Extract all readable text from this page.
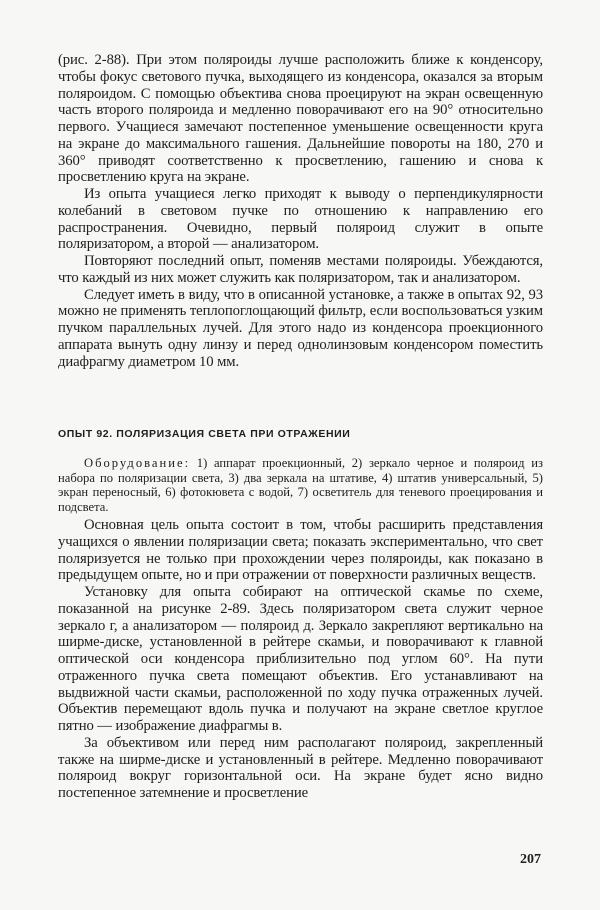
(рис. 2-88). При этом поляроиды лучше расположить ближе к конденсору, чтобы фокус светового пучка, выходящего из конденсора, оказался за вторым поляроидом. С помощью объектива снова проецируют на экран освещенную часть второго поляроида и медленно поворачивают его на 90° относительно первого. Учащиеся замечают постепенное уменьшение освещенности круга на экране до максимального гашения. Дальнейшие повороты на 180, 270 и 360° приводят соответственно к просветлению, гашению и снова к просветлению круга на экране.

Из опыта учащиеся легко приходят к выводу о перпендикулярности колебаний в световом пучке по отношению к направлению его распространения. Очевидно, первый поляроид служит в опыте поляризатором, а второй — анализатором.

Повторяют последний опыт, поменяв местами поляроиды. Убеждаются, что каждый из них может служить как поляризатором, так и анализатором.

Следует иметь в виду, что в описанной установке, а также в опытах 92, 93 можно не применять теплопоглощающий фильтр, если воспользоваться узким пучком параллельных лучей. Для этого надо из конденсора проекционного аппарата вынуть одну линзу и перед однолинзовым конденсором поместить диафрагму диаметром 10 мм.

ОПЫТ 92. ПОЛЯРИЗАЦИЯ СВЕТА ПРИ ОТРАЖЕНИИ

Оборудование: 1) аппарат проекционный, 2) зеркало черное и поляроид из набора по поляризации света, 3) два зеркала на штативе, 4) штатив универсальный, 5) экран переносный, 6) фотокювета с водой, 7) осветитель для теневого проецирования и подсвета.

Основная цель опыта состоит в том, чтобы расширить представления учащихся о явлении поляризации света; показать экспериментально, что свет поляризуется не только при прохождении через поляроиды, как показано в предыдущем опыте, но и при отражении от поверхности различных веществ.

Установку для опыта собирают на оптической скамье по схеме, показанной на рисунке 2-89. Здесь поляризатором света служит черное зеркало г, а анализатором — поляроид д. Зеркало закрепляют вертикально на ширме-диске, установленной в рейтере скамьи, и поворачивают к главной оптической оси конденсора приблизительно под углом 60°. На пути отраженного пучка света помещают объектив. Его устанавливают на выдвижной части скамьи, расположенной по ходу пучка отраженных лучей. Объектив перемещают вдоль пучка и получают на экране светлое круглое пятно — изображение диафрагмы в.

За объективом или перед ним располагают поляроид, закрепленный также на ширме-диске и установленный в рейтере. Медленно поворачивают поляроид вокруг горизонтальной оси. На экране будет ясно видно постепенное затемнение и просветление

207
